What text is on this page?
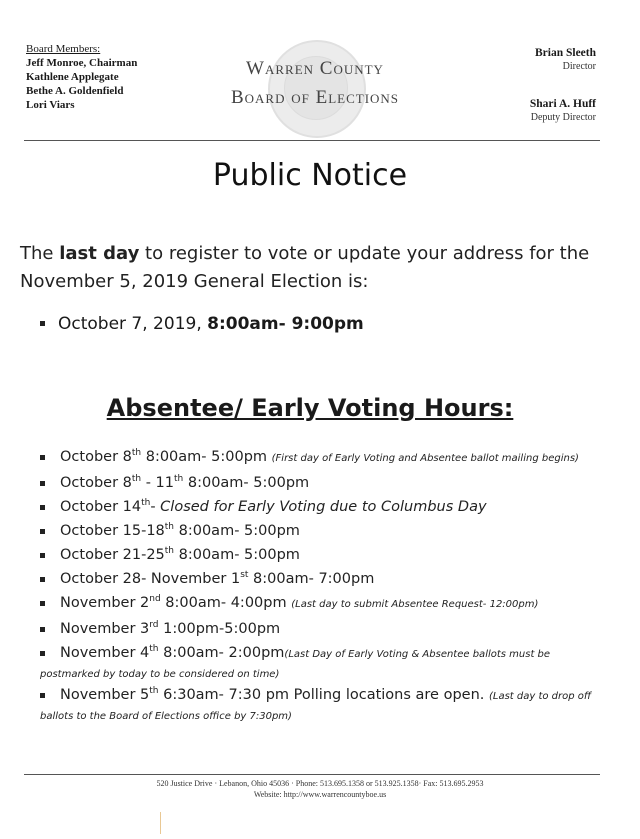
Board Members:
Jeff Monroe, Chairman
Kathlene Applegate
Bethe A. Goldenfield
Lori Viars
Warren County
Board of Elections
Brian Sleeth
Director
Shari A. Huff
Deputy Director
Public Notice
The last day to register to vote or update your address for the November 5, 2019 General Election is:
October 7, 2019, 8:00am- 9:00pm
Absentee/ Early Voting Hours:
October 8th 8:00am- 5:00pm (First day of Early Voting and Absentee ballot mailing begins)
October 8th - 11th 8:00am- 5:00pm
October 14th- Closed for Early Voting due to Columbus Day
October 15-18th 8:00am- 5:00pm
October 21-25th 8:00am- 5:00pm
October 28- November 1st 8:00am- 7:00pm
November 2nd 8:00am- 4:00pm (Last day to submit Absentee Request- 12:00pm)
November 3rd 1:00pm-5:00pm
November 4th 8:00am- 2:00pm(Last Day of Early Voting & Absentee ballots must be
postmarked by today to be considered on time)
November 5th 6:30am- 7:30 pm Polling locations are open. (Last day to drop off
ballots to the Board of Elections office by 7:30pm)
520 Justice Drive · Lebanon, Ohio 45036 · Phone: 513.695.1358 or 513.925.1358· Fax: 513.695.2953
Website: http://www.warrencountyboe.us
